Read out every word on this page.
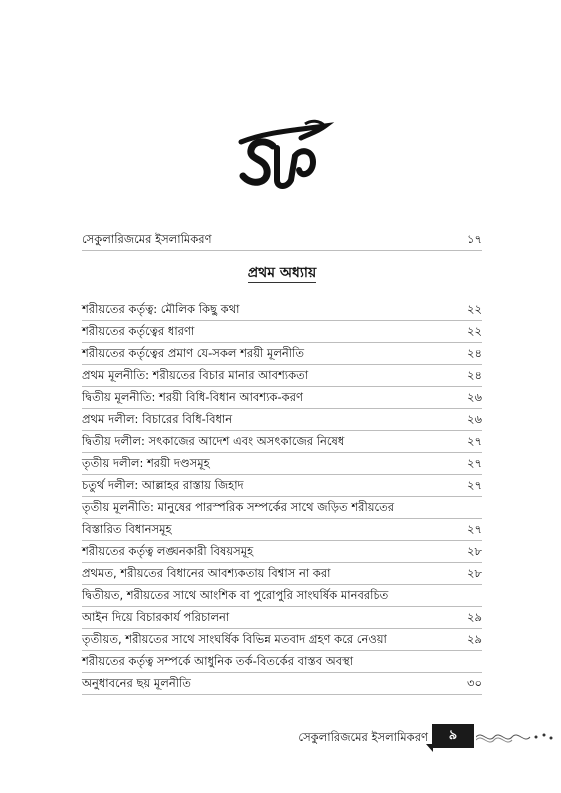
সেকুলারিজমের ইসলামিকরণ	১৭
প্রথম অধ্যায়
শরীয়তের কর্তৃত্ব: মৌলিক কিছু কথা	২২
শরীয়তের কর্তৃত্বের ধারণা	২২
শরীয়তের কর্তৃত্বের প্রমাণ যে-সকল শরয়ী মূলনীতি	২৪
প্রথম মূলনীতি: শরীয়তের বিচার মানার আবশ্যকতা	২৪
দ্বিতীয় মূলনীতি: শরয়ী বিধি-বিধান আবশ্যক-করণ	২৬
প্রথম দলীল: বিচারের বিধি-বিধান	২৬
দ্বিতীয় দলীল: সৎকাজের আদেশ এবং অসৎকাজের নিষেধ	২৭
তৃতীয় দলীল: শরয়ী দণ্ডসমূহ	২৭
চতুর্থ দলীল: আল্লাহর রাস্তায় জিহাদ	২৭
তৃতীয় মূলনীতি: মানুষের পারস্পরিক সম্পর্কের সাথে জড়িত শরীয়তের
বিস্তারিত বিধানসমূহ	২৭
শরীয়তের কর্তৃত্ব লঙ্ঘনকারী বিষয়সমূহ	২৮
প্রথমত, শরীয়তের বিধানের আবশ্যকতায় বিশ্বাস না করা	২৮
দ্বিতীয়ত, শরীয়তের সাথে আংশিক বা পুরোপুরি সাংঘর্ষিক মানবরচিত
আইন দিয়ে বিচারকার্য পরিচালনা	২৯
তৃতীয়ত, শরীয়তের সাথে সাংঘর্ষিক বিভিন্ন মতবাদ গ্রহণ করে নেওয়া	২৯
শরীয়তের কর্তৃত্ব সম্পর্কে আধুনিক তর্ক-বিতর্কের বাস্তব অবস্থা
অনুধাবনের ছয় মূলনীতি	৩০
সেকুলারিজমের ইসলামিকরণ	৯
